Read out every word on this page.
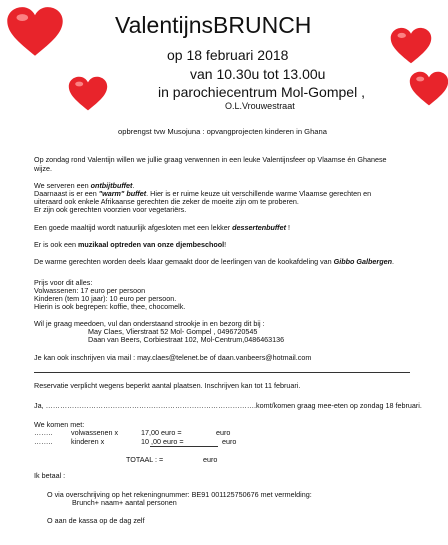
ValentijnsBRUNCH
op 18 februari 2018
van 10.30u tot 13.00u
in parochiecentrum Mol-Gompel ,
O.L.Vrouwestraat
opbrengst tvw Musojuna : opvangprojecten kinderen in Ghana
Op zondag rond Valentijn willen we jullie graag verwennen in een leuke Valentijnsfeer op Vlaamse én Ghanese
wijze.
We serveren een ontbijtbuffet.
Daarnaast is er een "warm" buffet. Hier is er ruime keuze uit verschillende warme Vlaamse gerechten en
uiteraard ook enkele Afrikaanse gerechten die zeker de moeite zijn om te proberen.
Er zijn ook gerechten voorzien voor vegetariërs.
Een goede maaltijd wordt natuurlijk afgesloten met een lekker dessertenbuffet !
Er is ook een muzikaal optreden van onze djembeschool!
De warme gerechten worden deels klaar gemaakt door de leerlingen van de kookafdeling van Gibbo Galbergen.
Prijs voor dit alles:
Volwassenen: 17 euro per persoon
Kinderen (tem 10 jaar): 10 euro per persoon.
Hierin is ook begrepen: koffie, thee, chocomelk.
Wil je graag meedoen, vul dan onderstaand strookje in en bezorg dit bij :
May Claes, Vlierstraat 52 Mol- Gompel , 0496720545
Daan van Beers, Corbiestraat 102, Mol-Centrum,0486463136
Je kan ook inschrijven via mail : may.claes@telenet.be of daan.vanbeers@hotmail.com
Reservatie verplicht wegens beperkt aantal plaatsen. Inschrijven kan tot 11 februari.
Ja, …………………………………………………………………………….komt/komen graag mee-eten op zondag 18 februari.
We komen met:
……..	volwassenen x	17,00 euro =	euro
……..	kinderen x	10 ,00 euro =	euro
TOTAAL : =	euro
Ik betaal :
O via overschrijving op het rekeningnummer: BE91 001125750676 met vermelding:
Brunch+ naam+ aantal personen
O aan de kassa op de dag zelf
